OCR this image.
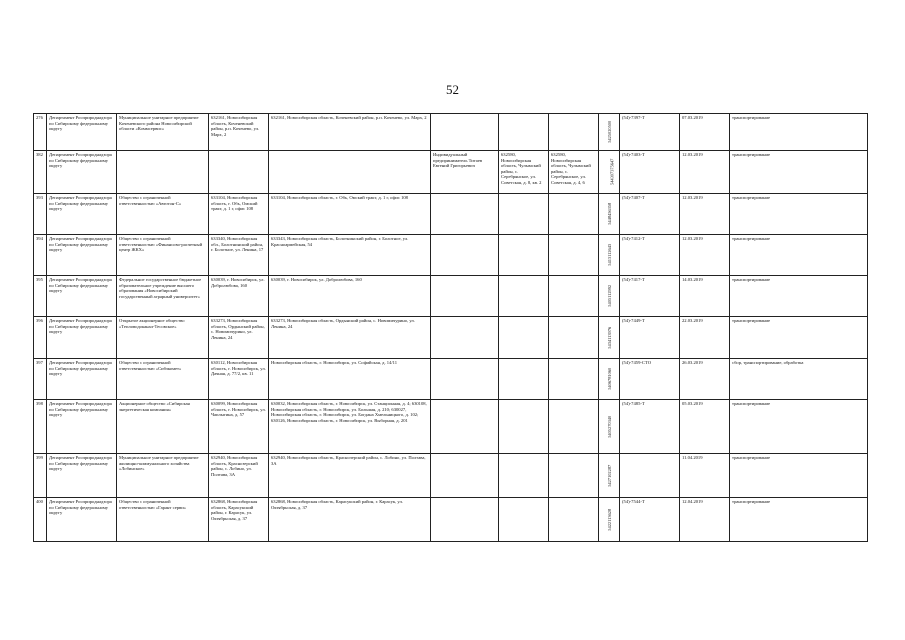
52
276	Департамент Росприроднадзора по Сибирскому федеральному округу	Муниципальное унитарное предприятие Коченевского района Новосибирской области «Коммсервис»	632161, Новосибирская область, Коченевский район, р.п. Коченево, ул. Марх, 2	632161, Новосибирская область, Коченевский район, р.п. Коченево, ул. Марх, 2				5425020500	(54)-7397-Т	07.03.2019	транспортирование
382	Департамент Росприроднадзора по Сибирскому федеральному округу				Индивидуальный предприниматель Титаев Евгений Григорьевич	632580, Новосибирская область, Чулымский район, с. Серебрянское, ул. Советская, д. 8, кв. 2	632580, Новосибирская область, Чулымский район, с. Серебрянское, ул. Советская, д. 4, 6	544307375647	(54)-7403-Т	12.03.2019	транспортирование
393	Департамент Росприроднадзора по Сибирскому федеральному округу	Общество с ограниченной ответственностью «Автотон-С»	633104, Новосибирская область, г. Обь, Омский тракт, д. 1 г, офис 108	633104, Новосибирская область, г. Обь, Омский тракт, д. 1 г, офис 108				5448456358	(54)-7407-Т	12.03.2019	транспортирование
394	Департамент Росприроднадзора по Сибирскому федеральному округу	Общество с ограниченной ответственностью «Финансово-расчетный центр ЖКХ»	633340, Новосибирская обл., Болотнинский район, г. Болотное, ул. Ленина, 17	633343, Новосибирская область, Болотнинский район, г. Болотное, ул. Красноармейская, 54				5413112643	(54)-7412-Т	12.03.2019	транспортирование
395	Департамент Росприроднадзора по Сибирскому федеральному округу	Федеральное государственное бюджетное образовательное учреждение высшего образования «Новосибирский государственный аграрный университет»	630039, г. Новосибирск, ул. Добролюбова, 160	630039, г. Новосибирск, ул. Добролюбова, 160				5405112992	(54)-7417-Т	14.03.2019	транспортирование
396	Департамент Росприроднадзора по Сибирскому федеральному округу	Открытое акционерное общество «Тепловодоканал-Тесовское»	633273, Новосибирская область, Ордынский район, с. Новомичурино, ул. Ленина, 24	633273, Новосибирская область, Ордынский район, с. Новомичурино, ул. Ленина, 24				5434113976	(54)-7449-Т	22.03.2019	транспортирование
397	Департамент Росприроднадзора по Сибирскому федеральному округу	Общество с ограниченной ответственностью «Сибэкомет»	630112, Новосибирская область, г. Новосибирск, ул. Дачная, д. 77/2, кв. 11	Новосибирская область, г. Новосибирск, ул. Софийская, д. 14/11				5406781060	(54)-7459-СТО	26.03.2019	сбор, транспортирование, обработка
398	Департамент Росприроднадзора по Сибирскому федеральному округу	Акционерное общество «Сибирская энергетическая компания»	630099, Новосибирская область, г. Новосибирск, ул. Чаплыгина, д. 57	630032, Новосибирская область, г. Новосибирск, ул. Станционная, д. 4; 630108, Новосибирская область, г. Новосибирск, ул. Большая, д. 210; 630027, Новосибирская область, г. Новосибирск, ул. Богдана Хмельницкого, д. 102; 630126, Новосибирская область, г. Новосибирск, ул. Выборная, д. 201				5405270340	(54)-7485-Т	05.03.2019	транспортирование
399	Департамент Росприроднадзора по Сибирскому федеральному округу	Муниципальное унитарное предприятие жилищно-коммунального хозяйства «Лобинское»	632940, Новосибирская область, Краснозерский район, с. Лобино, ул. Полтава, 3А	632940, Новосибирская область, Краснозерский район, с. Лобино, ул. Полтава, 3А				5427102287		11.04.2019	транспортирование
400	Департамент Росприроднадзора по Сибирскому федеральному округу	Общество с ограниченной ответственностью «Гарант серви»	632868, Новосибирская область, Карасукский район, г. Карасук, ул. Октябрьская, д. 37	632868, Новосибирская область, Карасукский район, г. Карасук, ул. Октябрьская, д. 37				5422113628	(54)-7544-Т	12.04.2019	транспортирование
